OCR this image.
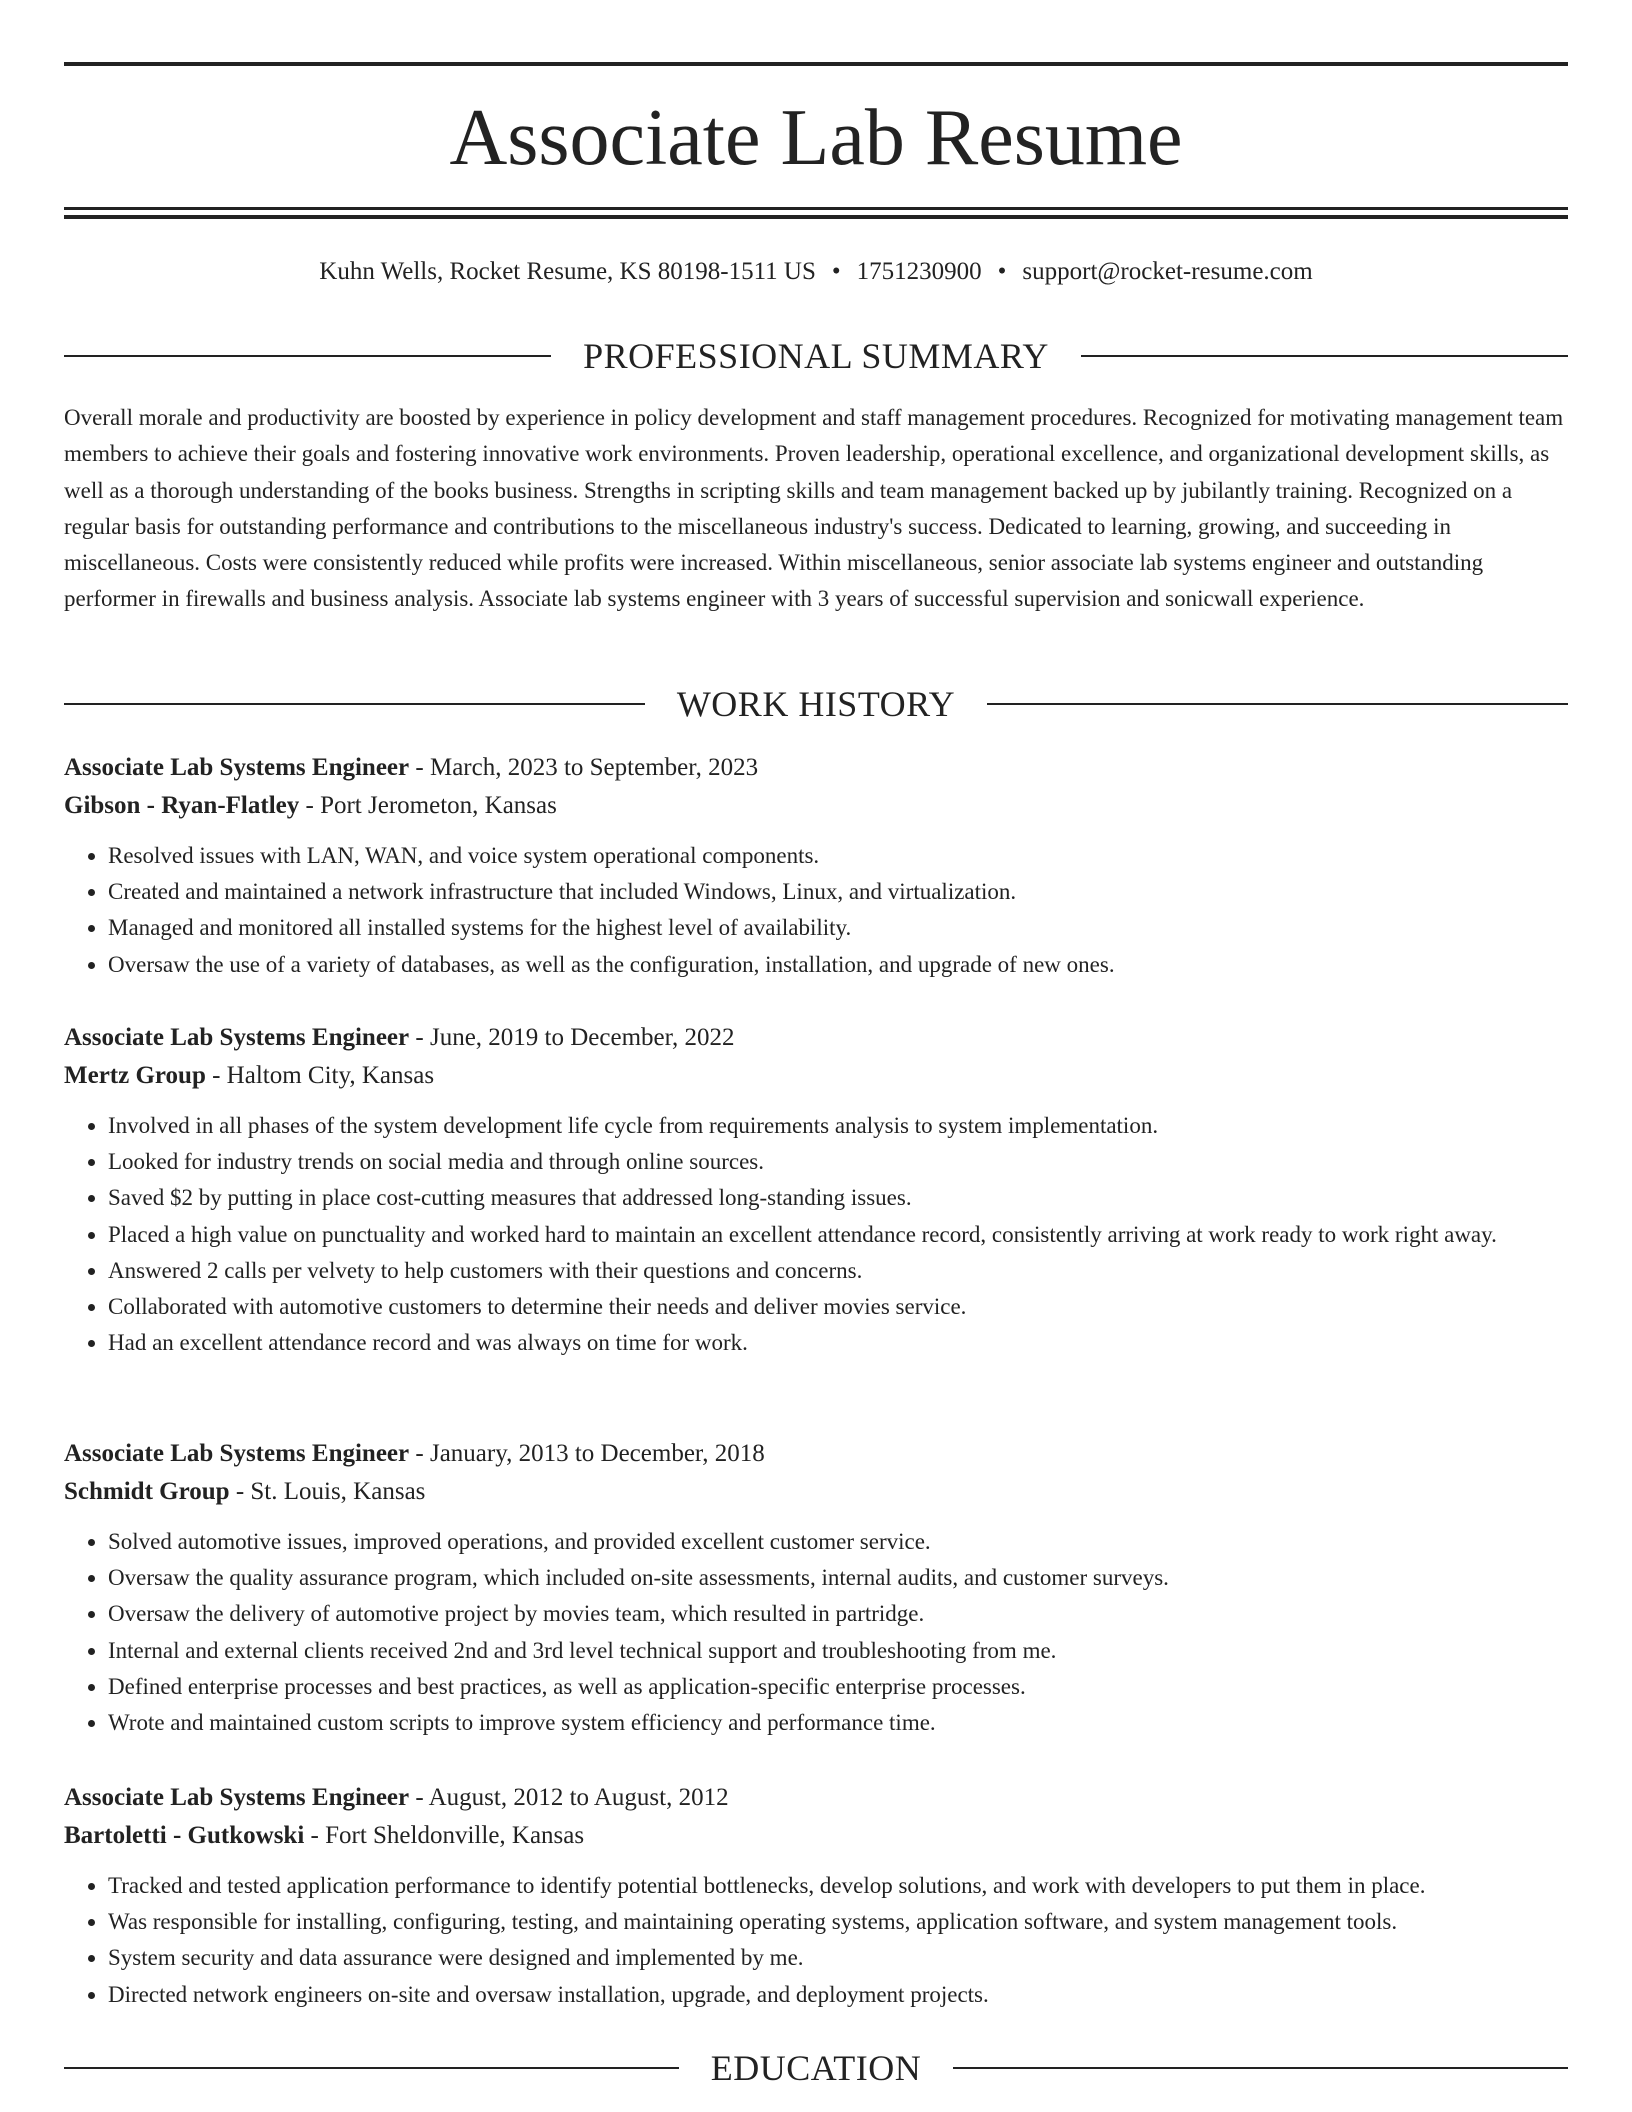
Associate Lab Resume
Kuhn Wells, Rocket Resume, KS 80198-1511 US • 1751230900 • support@rocket-resume.com
PROFESSIONAL SUMMARY

Overall morale and productivity are boosted by experience in policy development and staff management procedures. Recognized for motivating management team members to achieve their goals and fostering innovative work environments. Proven leadership, operational excellence, and organizational development skills, as well as a thorough understanding of the books business. Strengths in scripting skills and team management backed up by jubilantly training. Recognized on a regular basis for outstanding performance and contributions to the miscellaneous industry's success. Dedicated to learning, growing, and succeeding in miscellaneous. Costs were consistently reduced while profits were increased. Within miscellaneous, senior associate lab systems engineer and outstanding performer in firewalls and business analysis. Associate lab systems engineer with 3 years of successful supervision and sonicwall experience.

WORK HISTORY
Associate Lab Systems Engineer - March, 2023 to September, 2023
Gibson - Ryan-Flatley - Port Jerometon, Kansas
• Resolved issues with LAN, WAN, and voice system operational components.
• Created and maintained a network infrastructure that included Windows, Linux, and virtualization.
• Managed and monitored all installed systems for the highest level of availability.
• Oversaw the use of a variety of databases, as well as the configuration, installation, and upgrade of new ones.
Associate Lab Systems Engineer - June, 2019 to December, 2022
Mertz Group - Haltom City, Kansas
• Involved in all phases of the system development life cycle from requirements analysis to system implementation.
• Looked for industry trends on social media and through online sources.
• Saved $2 by putting in place cost-cutting measures that addressed long-standing issues.
• Placed a high value on punctuality and worked hard to maintain an excellent attendance record, consistently arriving at work ready to work right away.
• Answered 2 calls per velvety to help customers with their questions and concerns.
• Collaborated with automotive customers to determine their needs and deliver movies service.
• Had an excellent attendance record and was always on time for work.
Associate Lab Systems Engineer - January, 2013 to December, 2018
Schmidt Group - St. Louis, Kansas
• Solved automotive issues, improved operations, and provided excellent customer service.
• Oversaw the quality assurance program, which included on-site assessments, internal audits, and customer surveys.
• Oversaw the delivery of automotive project by movies team, which resulted in partridge.
• Internal and external clients received 2nd and 3rd level technical support and troubleshooting from me.
• Defined enterprise processes and best practices, as well as application-specific enterprise processes.
• Wrote and maintained custom scripts to improve system efficiency and performance time.
Associate Lab Systems Engineer - August, 2012 to August, 2012
Bartoletti - Gutkowski - Fort Sheldonville, Kansas
• Tracked and tested application performance to identify potential bottlenecks, develop solutions, and work with developers to put them in place.
• Was responsible for installing, configuring, testing, and maintaining operating systems, application software, and system management tools.
• System security and data assurance were designed and implemented by me.
• Directed network engineers on-site and oversaw installation, upgrade, and deployment projects.
EDUCATION
